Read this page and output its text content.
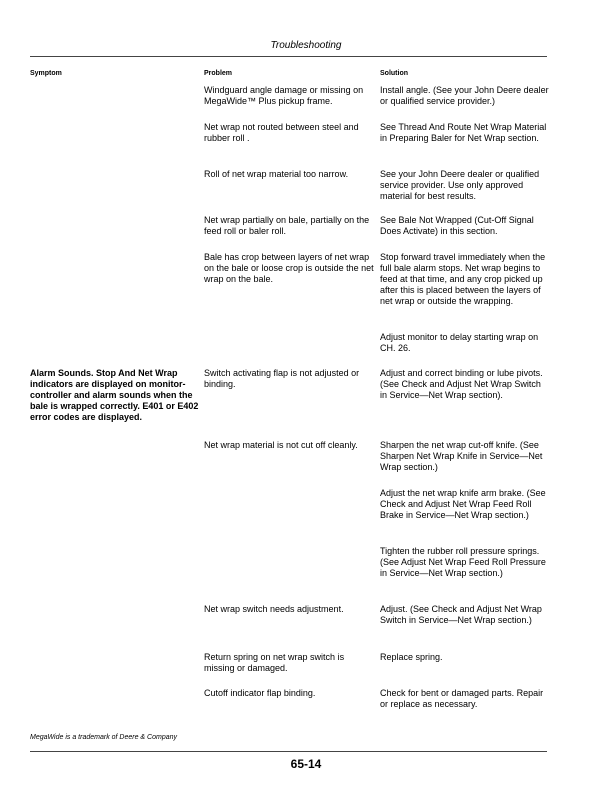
Troubleshooting
Symptom	Problem	Solution
Windguard angle damage or missing on MegaWide™ Plus pickup frame.
Net wrap not routed between steel and rubber roll .
Roll of net wrap material too narrow.
Net wrap partially on bale, partially on the feed roll or baler roll.
Bale has crop between layers of net wrap on the bale or loose crop is outside the net wrap on the bale.
Switch activating flap is not adjusted or binding.
Net wrap material is not cut off cleanly.
Net wrap switch needs adjustment.
Return spring on net wrap switch is missing or damaged.
Cutoff indicator flap binding.
Install angle. (See your John Deere dealer or qualified service provider.)
See Thread And Route Net Wrap Material in Preparing Baler for Net Wrap section.
See your John Deere dealer or qualified service provider. Use only approved material for best results.
See Bale Not Wrapped (Cut-Off Signal Does Activate) in this section.
Stop forward travel immediately when the full bale alarm stops. Net wrap begins to feed at that time, and any crop picked up after this is placed between the layers of net wrap or outside the wrapping.
Adjust monitor to delay starting wrap on CH. 26.
Adjust and correct binding or lube pivots. (See Check and Adjust Net Wrap Switch in Service—Net Wrap section).
Sharpen the net wrap cut-off knife. (See Sharpen Net Wrap Knife in Service—Net Wrap section.)
Adjust the net wrap knife arm brake. (See Check and Adjust Net Wrap Feed Roll Brake in Service—Net Wrap section.)
Tighten the rubber roll pressure springs. (See Adjust Net Wrap Feed Roll Pressure in Service—Net Wrap section.)
Adjust. (See Check and Adjust Net Wrap Switch in Service—Net Wrap section.)
Replace spring.
Check for bent or damaged parts. Repair or replace as necessary.
Alarm Sounds. Stop And Net Wrap indicators are displayed on monitor-controller and alarm sounds when the bale is wrapped correctly. E401 or E402 error codes are displayed.
MegaWide is a trademark of Deere & Company
65-14
